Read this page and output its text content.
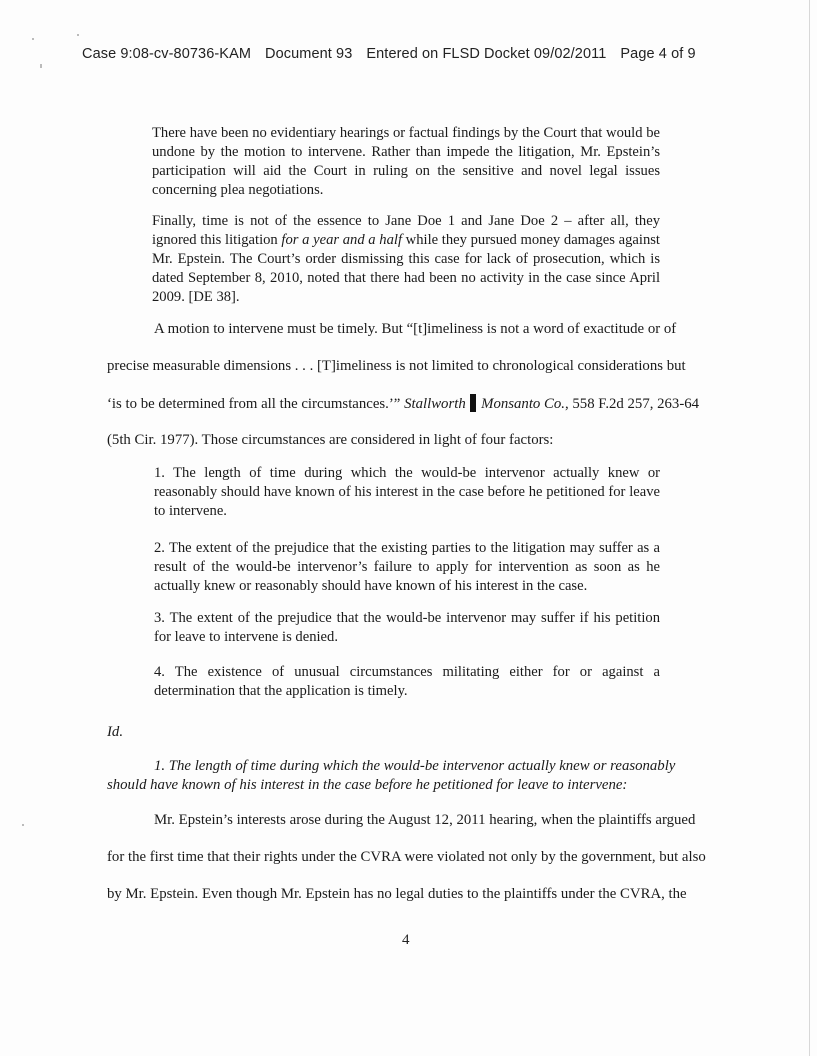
Case 9:08-cv-80736-KAM Document 93 Entered on FLSD Docket 09/02/2011 Page 4 of 9

There have been no evidentiary hearings or factual findings by the Court that would be undone by the motion to intervene. Rather than impede the litigation, Mr. Epstein’s participation will aid the Court in ruling on the sensitive and novel legal issues concerning plea negotiations.

Finally, time is not of the essence to Jane Doe 1 and Jane Doe 2 – after all, they ignored this litigation for a year and a half while they pursued money damages against Mr. Epstein. The Court’s order dismissing this case for lack of prosecution, which is dated September 8, 2010, noted that there had been no activity in the case since April 2009. [DE 38].

A motion to intervene must be timely. But “[t]imeliness is not a word of exactitude or of
precise measurable dimensions . . . [T]imeliness is not limited to chronological considerations but
‘is to be determined from all the circumstances.’” Stallworth Monsanto Co., 558 F.2d 257, 263-64
(5th Cir. 1977). Those circumstances are considered in light of four factors:

1. The length of time during which the would-be intervenor actually knew or reasonably should have known of his interest in the case before he petitioned for leave to intervene.

2. The extent of the prejudice that the existing parties to the litigation may suffer as a result of the would-be intervenor’s failure to apply for intervention as soon as he actually knew or reasonably should have known of his interest in the case.

3. The extent of the prejudice that the would-be intervenor may suffer if his petition for leave to intervene is denied.

4. The existence of unusual circumstances militating either for or against a determination that the application is timely.

Id.
1. The length of time during which the would-be intervenor actually knew or reasonably
should have known of his interest in the case before he petitioned for leave to intervene:
Mr. Epstein’s interests arose during the August 12, 2011 hearing, when the plaintiffs argued
for the first time that their rights under the CVRA were violated not only by the government, but also
by Mr. Epstein. Even though Mr. Epstein has no legal duties to the plaintiffs under the CVRA, the
4
